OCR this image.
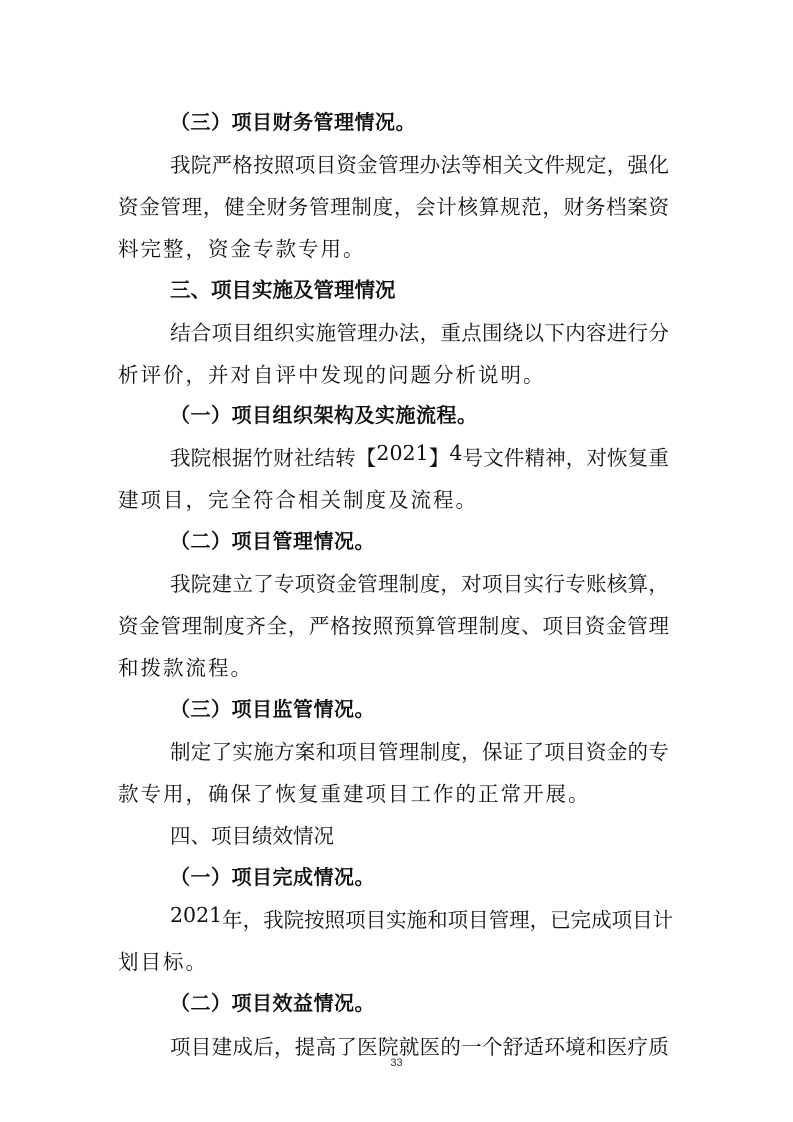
（三）项目财务管理情况。
我 院 严 格 按 照 项 目 资 金 管 理 办 法 等 相 关 文 件 规 定 ， 强 化
资 金 管 理 ， 健 全 财 务 管 理 制 度 ， 会 计 核 算 规 范 ， 财 务 档 案 资
料完整，资金专款专用。
三、项目实施及管理情况
结 合 项 目 组 织 实 施 管 理 办 法 ， 重 点 围 绕 以 下 内 容 进 行 分
析评价，并对自评中发现的问题分析说明。
（一）项目组织架构及实施流程。
我 院 根 据 竹 财 社 结 转 【 2021 】 4 号 文 件 精 神 ， 对 恢 复 重
建项目，完全符合相关制度及流程。
（二）项目管理情况。
我 院 建 立 了 专 项 资 金 管 理 制 度 ， 对 项 目 实 行 专 账 核 算 ，
资 金 管 理 制 度 齐 全 ， 严 格 按 照 预 算 管 理 制 度 、 项 目 资 金 管 理
和拨款流程。
（三）项目监管情况。
制 定 了 实 施 方 案 和 项 目 管 理 制 度 ， 保 证 了 项 目 资 金 的 专
款专用，确保了恢复重建项目工作的正常开展。
四、项目绩效情况
（一）项目完成情况。
2021 年 ， 我 院 按 照 项 目 实 施 和 项 目 管 理 ， 已 完 成 项 目 计
划目标。
（二）项目效益情况。
项 目 建 成 后 ， 提 高 了 医 院 就 医 的 一 个 舒 适 环 境 和 医 疗 质
33
